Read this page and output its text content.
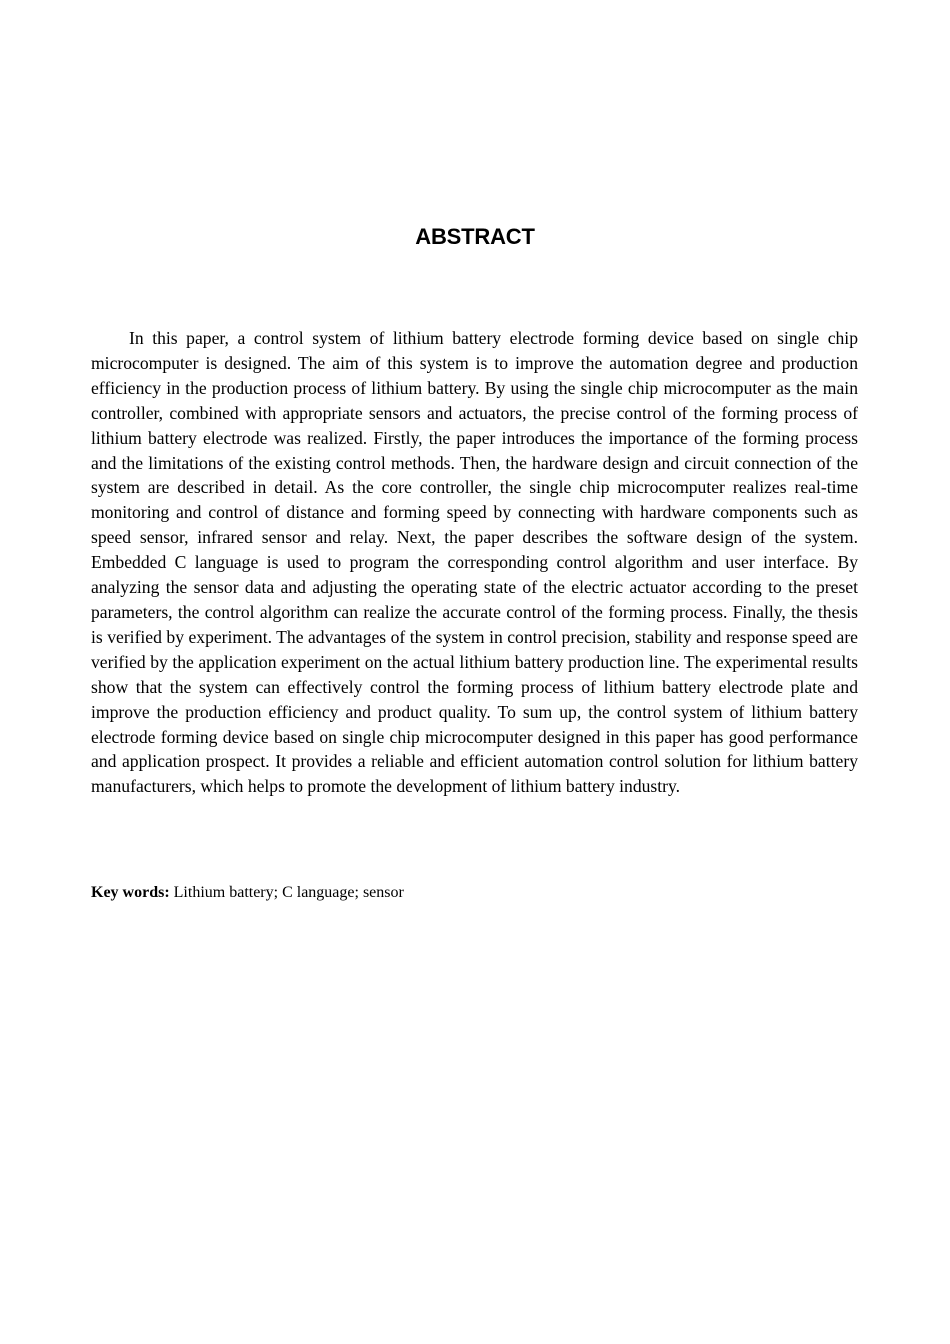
ABSTRACT

In this paper, a control system of lithium battery electrode forming device based on single chip microcomputer is designed. The aim of this system is to improve the automation degree and production efficiency in the production process of lithium battery. By using the single chip microcomputer as the main controller, combined with appropriate sensors and actuators, the precise control of the forming process of lithium battery electrode was realized. Firstly, the paper introduces the importance of the forming process and the limitations of the existing control methods. Then, the hardware design and circuit connection of the system are described in detail. As the core controller, the single chip microcomputer realizes real-time monitoring and control of distance and forming speed by connecting with hardware components such as speed sensor, infrared sensor and relay. Next, the paper describes the software design of the system. Embedded C language is used to program the corresponding control algorithm and user interface. By analyzing the sensor data and adjusting the operating state of the electric actuator according to the preset parameters, the control algorithm can realize the accurate control of the forming process. Finally, the thesis is verified by experiment. The advantages of the system in control precision, stability and response speed are verified by the application experiment on the actual lithium battery production line. The experimental results show that the system can effectively control the forming process of lithium battery electrode plate and improve the production efficiency and product quality. To sum up, the control system of lithium battery electrode forming device based on single chip microcomputer designed in this paper has good performance and application prospect. It provides a reliable and efficient automation control solution for lithium battery manufacturers, which helps to promote the development of lithium battery industry.

Key words: Lithium battery; C language; sensor
